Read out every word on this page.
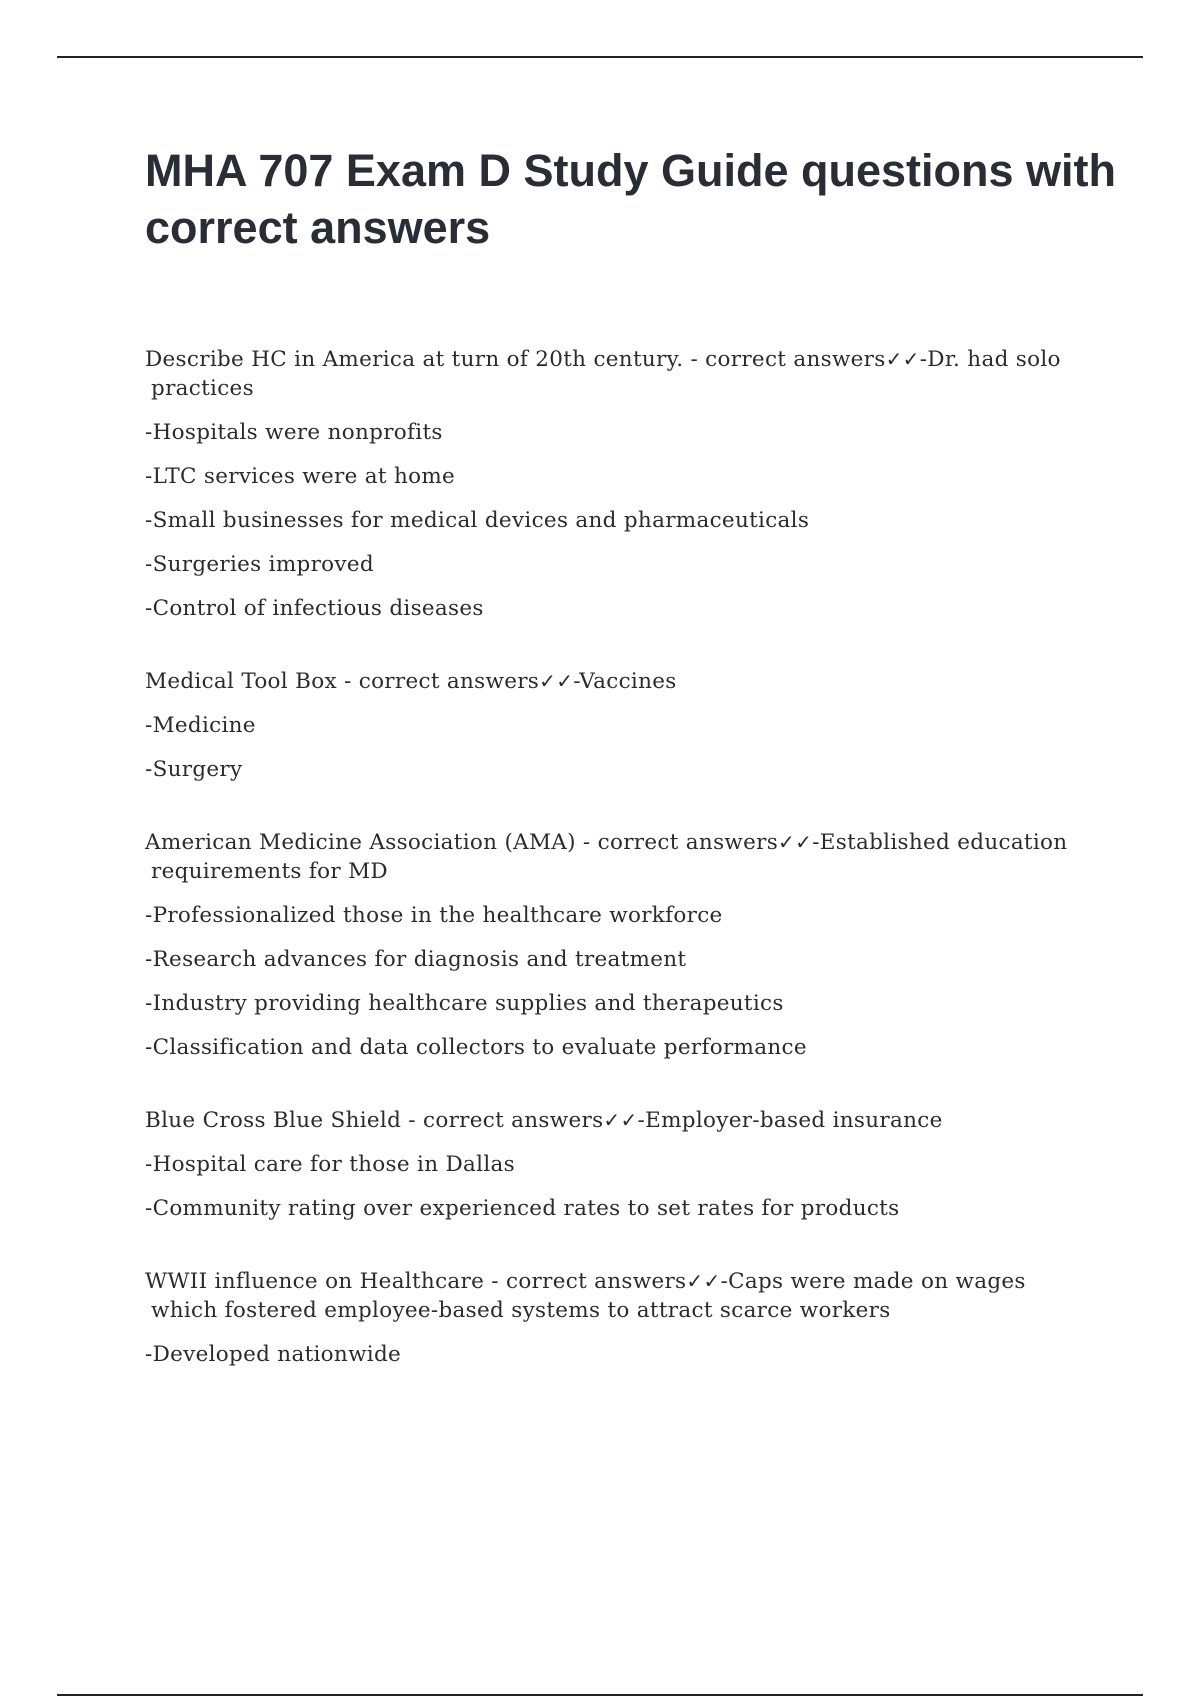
MHA 707 Exam D Study Guide questions with correct answers

Describe HC in America at turn of 20th century. - correct answers✓✓-Dr. had solo practices

-Hospitals were nonprofits

-LTC services were at home

-Small businesses for medical devices and pharmaceuticals

-Surgeries improved

-Control of infectious diseases

Medical Tool Box - correct answers✓✓-Vaccines

-Medicine

-Surgery

American Medicine Association (AMA) - correct answers✓✓-Established education requirements for MD

-Professionalized those in the healthcare workforce

-Research advances for diagnosis and treatment

-Industry providing healthcare supplies and therapeutics

-Classification and data collectors to evaluate performance

Blue Cross Blue Shield - correct answers✓✓-Employer-based insurance

-Hospital care for those in Dallas

-Community rating over experienced rates to set rates for products

WWII influence on Healthcare - correct answers✓✓-Caps were made on wages which fostered employee-based systems to attract scarce workers

-Developed nationwide
